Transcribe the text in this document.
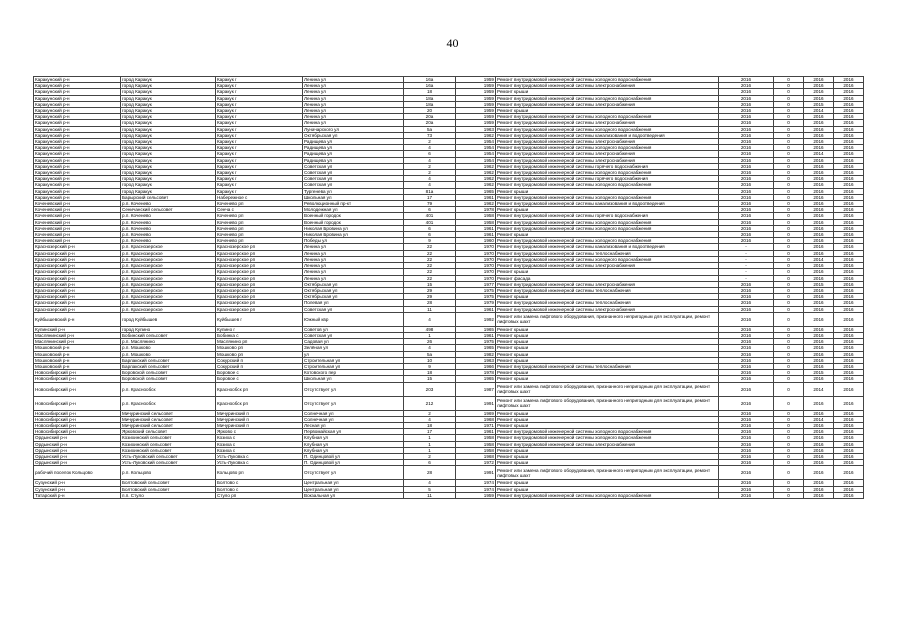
40
Каракунский р-н	город Каракук	Каракук г	Ленина ул	16а	1959	Ремонт внутридомовой инженерной системы холодного водоснабжения	2016	0	2016	2016
Каракунский р-н	город Каракук	Каракук г	Ленина ул	16а	1959	Ремонт внутридомовой инженерной системы электроснабжения	2016	0	2016	2016
Каракунский р-н	город Каракук	Каракук г	Ленина ул	18	1959	Ремонт крыши	2016	0	2016	2016
Каракунский р-н	город Каракук	Каракук г	Ленина ул	18а	1959	Ремонт внутридомовой инженерной системы холодного водоснабжения	2016	0	2016	2016
Каракунский р-н	город Каракук	Каракук г	Ленина ул	18а	1959	Ремонт внутридомовой инженерной системы электроснабжения	2016	0	2015	2016
Каракунский р-н	город Каракук	Каракук г	Ленина ул	20	1959	Ремонт крыши	2016	0	2014	2016
Каракунский р-н	город Каракук	Каракук г	Ленина ул	20а	1959	Ремонт внутридомовой инженерной системы холодного водоснабжения	2016	0	2016	2016
Каракунский р-н	город Каракук	Каракук г	Ленина ул	20а	1959	Ремонт внутридомовой инженерной системы электроснабжения	2016	0	2016	2016
Каракунский р-н	город Каракук	Каракук г	Луначарского ул	5а	1963	Ремонт внутридомовой инженерной системы холодного водоснабжения	2016	0	2016	2016
Каракунский р-н	город Каракук	Каракук г	Октябрьская ул	73	1962	Ремонт внутридомовой инженерной системы канализования и водоотведения	2016	0	2016	2016
Каракунский р-н	город Каракук	Каракук г	Радищева ул	2	1954	Ремонт внутридомовой инженерной системы электроснабжения	2016	0	2016	2016
Каракунский р-н	город Каракук	Каракук г	Радищева ул	4	1954	Ремонт внутридомовой инженерной системы холодного водоснабжения	2016	0	2016	2016
Каракунский р-н	город Каракук	Каракук г	Радищева ул	6	1954	Ремонт внутридомовой инженерной системы электроснабжения	2016	0	2014	2016
Каракунский р-н	город Каракук	Каракук г	Радищева ул	4	1954	Ремонт внутридомовой инженерной системы электроснабжения	2016	0	2016	2016
Каракунский р-н	город Каракук	Каракук г	Советская ул	2	1962	Ремонт внутридомовой инженерной системы горячего водоснабжения	2016	0	2016	2016
Каракунский р-н	город Каракук	Каракук г	Советская ул	2	1962	Ремонт внутридомовой инженерной системы холодного водоснабжения	2016	0	2016	2016
Каракунский р-н	город Каракук	Каракук г	Советская ул	4	1962	Ремонт внутридомовой инженерной системы горячего водоснабжения	2016	0	2016	2016
Каракунский р-н	город Каракук	Каракук г	Советская ул	4	1962	Ремонт внутридомовой инженерной системы холодного водоснабжения	2016	0	2016	2016
Каракунский р-н	город Каракук	Каракук г	Тургенева ул	81а	1965	Ремонт крыши	2016	0	2016	2016
Каракунский р-н	Барырский сельсовет	Набережное с	Школьная ул	17	1961	Ремонт внутридомовой инженерной системы холодного водоснабжения	2016	0	2016	2016
Коченевский р-н	р.п. Коченево	Коченево рп	Революционный пр-кт	79	1962	Ремонт внутридомовой инженерной системы канализования и водоотведения	2016	0	2016	2016
Коченевский р-н	Сеничанский сельсовет	Сенча с	Молодежная ул	6	1978	Ремонт крыши	2016	0	2016	2016
Коченевский р-н	р.п. Коченево	Коченево рп	Военный городок	401	1958	Ремонт внутридомовой инженерной системы горячего водоснабжения	2016	0	2016	2016
Коченевский р-н	р.п. Коченево	Коченево рп	Военный городок	401	1958	Ремонт внутридомовой инженерной системы холодного водоснабжения	2016	0	2016	2016
Коченевский р-н	р.п. Коченево	Коченево рп	Николая Бровина ул	6	1961	Ремонт внутридомовой инженерной системы холодного водоснабжения	2016	0	2016	2016
Коченевский р-н	р.п. Коченево	Коченево рп	Николая Бровина ул	6	1961	Ремонт крыши	2016	0	2016	2016
Коченевский р-н	р.п. Коченево	Коченево рп	Победы ул	9	1960	Ремонт внутридомовой инженерной системы холодного водоснабжения	2016	0	2016	2016
Краснозерский р-н	р.п. Краснозерское	Краснозерское рп	Ленина ул	22	1970	Ремонт внутридомовой инженерной системы канализования и водоотведения	-	0	2016	2016
Краснозерский р-н	р.п. Краснозерское	Краснозерское рп	Ленина ул	22	1970	Ремонт внутридомовой инженерной системы теплоснабжения	-	0	2016	2016
Краснозерский р-н	р.п. Краснозерское	Краснозерское рп	Ленина ул	22	1970	Ремонт внутридомовой инженерной системы холодного водоснабжения	-	0	2014	2016
Краснозерский р-н	р.п. Краснозерское	Краснозерское рп	Ленина ул	22	1970	Ремонт внутридомовой инженерной системы электроснабжения	-	0	2016	2016
Краснозерский р-н	р.п. Краснозерское	Краснозерское рп	Ленина ул	22	1970	Ремонт крыши	-	0	2016	2016
Краснозерский р-н	р.п. Краснозерское	Краснозерское рп	Ленина ул	22	1970	Ремонт фасада	-	0	2016	2016
Краснозерский р-н	р.п. Краснозерское	Краснозерское рп	Октябрьская ул	15	1977	Ремонт внутридомовой инженерной системы электроснабжения	2016	0	2015	2016
Краснозерский р-н	р.п. Краснозерское	Краснозерское рп	Октябрьская ул	29	1975	Ремонт внутридомовой инженерной системы теплоснабжения	2016	0	2016	2016
Краснозерский р-н	р.п. Краснозерское	Краснозерское рп	Октябрьская ул	29	1975	Ремонт крыши	2016	0	2016	2016
Краснозерский р-н	р.п. Краснозерское	Краснозерское рп	Полевая ул	28	1979	Ремонт внутридомовой инженерной системы теплоснабжения	2016	0	2016	2016
Краснозерский р-н	р.п. Краснозерское	Краснозерское рп	Советская ул	11	1961	Ремонт внутридомовой инженерной системы электроснабжения	2016	0	2016	2016
Куйбышевский р-н	город Куйбышев	Куйбышев г	Южный квр	4	1992	Ремонт или замена лифтового оборудования, признанного непригодным для эксплуатации, ремонт лифтовых шахт	2016	0	2016	2016
Купинский р-н	город Купино	Купино г	Советов ул	498	1965	Ремонт крыши	2016	0	2016	2016
Маслянинский р-н	Бобинский сельсовет	Бобинка с	Советская ул	1	1961	Ремонт крыши	2016	0	2016	2016
Маслянинский р-н	р.п. Маслянино	Маслянино рп	Садовая ул	26	1975	Ремонт крыши	2016	0	2016	2016
Мошковский р-н	р.п. Мошково	Мошково рп	Зелёная ул	4	1965	Ремонт крыши	2016	0	2016	2016
Мошковский р-н	р.п. Мошково	Мошково рп	ул	5а	1982	Ремонт крыши	2016	0	2016	2016
Мошковский р-н	Барлакский сельсовет	Сокурский п	Строительная ул	10	1963	Ремонт крыши	2016	0	2016	2016
Мошковский р-н	Барлакский сельсовет	Сокурский п	Строительная ул	9	1966	Ремонт внутридомовой инженерной системы теплоснабжения	2016	0	2016	2016
Новосибирский р-н	Боровской сельсовет	Боровое с	Котовского пер	18	1978	Ремонт крыши	2016	0	2015	2016
Новосибирский р-н	Боровской сельсовет	Боровое с	Школьная ул	15	1965	Ремонт крыши	2016	0	2016	2016
Новосибирский р-н	р.п. Краснообск	Краснообск рп	Отсутствует ул	203	1987	Ремонт или замена лифтового оборудования, признанного непригодным для эксплуатации, ремонт лифтовых шахт	2016	0	2014	2016
Новосибирский р-н	р.п. Краснообск	Краснообск рп	Отсутствует ул	212	1991	Ремонт или замена лифтового оборудования, признанного непригодным для эксплуатации, ремонт лифтовых шахт	2016	0	2016	2016
Новосибирский р-н	Мичуринский сельсовет	Мичуринский п	Солнечная ул	2	1969	Ремонт крыши	2016	0	2016	2016
Новосибирский р-н	Мичуринский сельсовет	Мичуринский п	Солнечная ул	4	1968	Ремонт крыши	2016	0	2014	2016
Новосибирский р-н	Мичуринский сельсовет	Мичуринский п	Лесная ул	18	1971	Ремонт крыши	2016	0	2016	2016
Новосибирский р-н	Ярковский сельсовет	Ярково с	Первомайская ул	17	1961	Ремонт внутридомовой инженерной системы холодного водоснабжения	2016	0	2016	2016
Ордынский р-н	Козихинский сельсовет	Козиха с	Клубная ул	1	1958	Ремонт внутридомовой инженерной системы холодного водоснабжения	2016	0	2016	2016
Ордынский р-н	Козихинский сельсовет	Козиха с	Клубная ул	1	1958	Ремонт внутридомовой инженерной системы электроснабжения	2016	0	2016	2016
Ордынский р-н	Козихинский сельсовет	Козиха с	Клубная ул	1	1958	Ремонт крыши	2016	0	2016	2016
Ордынский р-н	Усть-Луковский сельсовет	Усть-Луковка с	П. Одинцовой ул	2	1968	Ремонт крыши	2016	0	2016	2016
Ордынский р-н	Усть-Луковский сельсовет	Усть-Луковка с	П. Одинцовой ул	6	1972	Ремонт крыши	2016	0	2016	2016
рабочий поселок Кольцово	р.п. Кольцово	Кольцово рп	Отсутствует ул	28	1991	Ремонт или замена лифтового оборудования, признанного непригодным для эксплуатации, ремонт лифтовых шахт	2016	0	2016	2016
Сузунский р-н	Болтовский сельсовет	Болтово с	Центральная ул	4	1974	Ремонт крыши	2016	0	2016	2016
Сузунский р-н	Болтовский сельсовет	Болтово с	Центральная ул	5	1974	Ремонт крыши	2016	0	2016	2016
Татарский р-н	п.п. Стуло	Стуло рп	Вокзальная ул	11	1959	Ремонт внутридомовой инженерной системы холодного водоснабжения	2016	0	2016	2016
